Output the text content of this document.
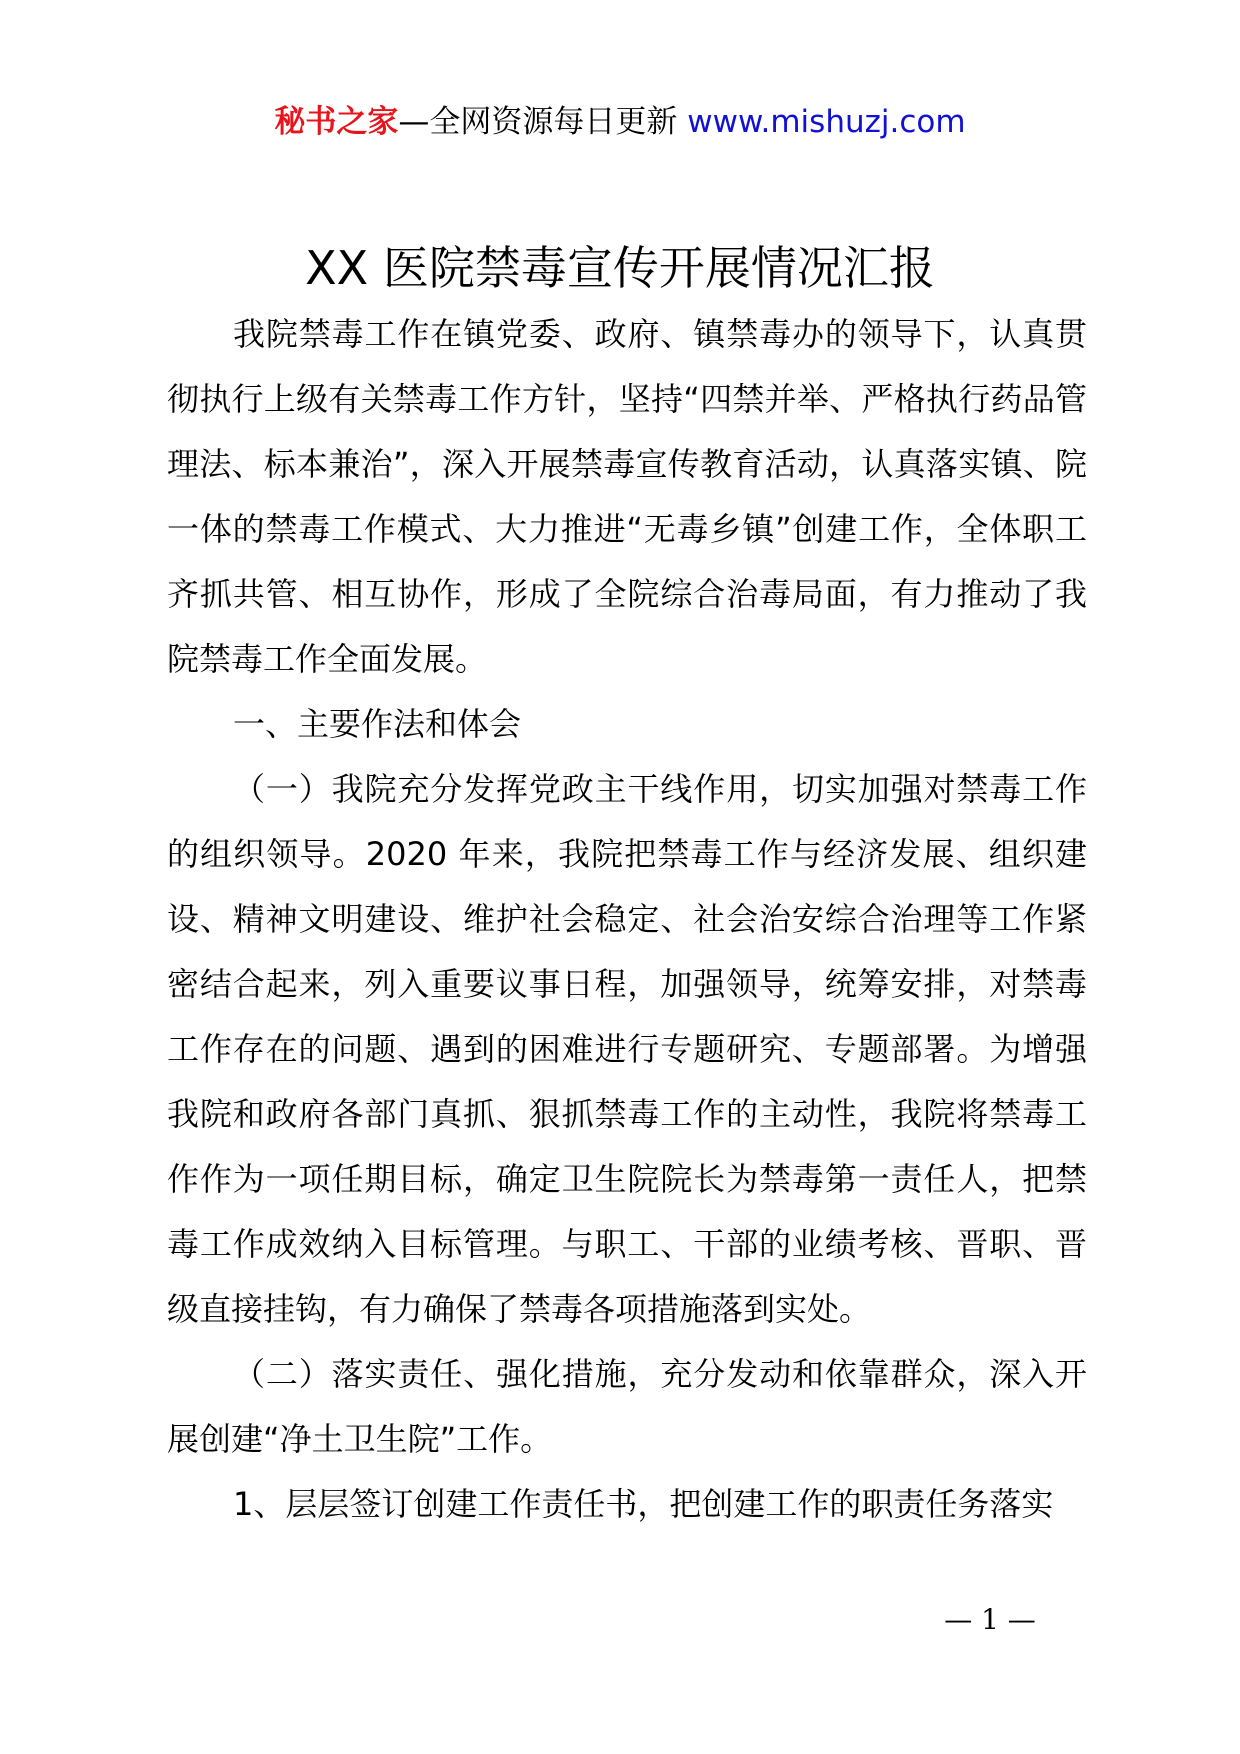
秘书之家—全网资源每日更新 www.mishuzj.com
XX 医院禁毒宣传开展情况汇报

我院禁毒工作在镇党委、政府、镇禁毒办的领导下，认真贯彻执行上级有关禁毒工作方针，坚持“四禁并举、严格执行药品管理法、标本兼治”，深入开展禁毒宣传教育活动，认真落实镇、院一体的禁毒工作模式、大力推进“无毒乡镇”创建工作，全体职工齐抓共管、相互协作，形成了全院综合治毒局面，有力推动了我院禁毒工作全面发展。

一、主要作法和体会

（一）我院充分发挥党政主干线作用，切实加强对禁毒工作的组织领导。2020 年来，我院把禁毒工作与经济发展、组织建设、精神文明建设、维护社会稳定、社会治安综合治理等工作紧密结合起来，列入重要议事日程，加强领导，统筹安排，对禁毒工作存在的问题、遇到的困难进行专题研究、专题部署。为增强我院和政府各部门真抓、狠抓禁毒工作的主动性，我院将禁毒工作作为一项任期目标，确定卫生院院长为禁毒第一责任人，把禁毒工作成效纳入目标管理。与职工、干部的业绩考核、晋职、晋级直接挂钩，有力确保了禁毒各项措施落到实处。

（二）落实责任、强化措施，充分发动和依靠群众，深入开展创建“净土卫生院”工作。

1、层层签订创建工作责任书，把创建工作的职责任务落实

— 1 —
